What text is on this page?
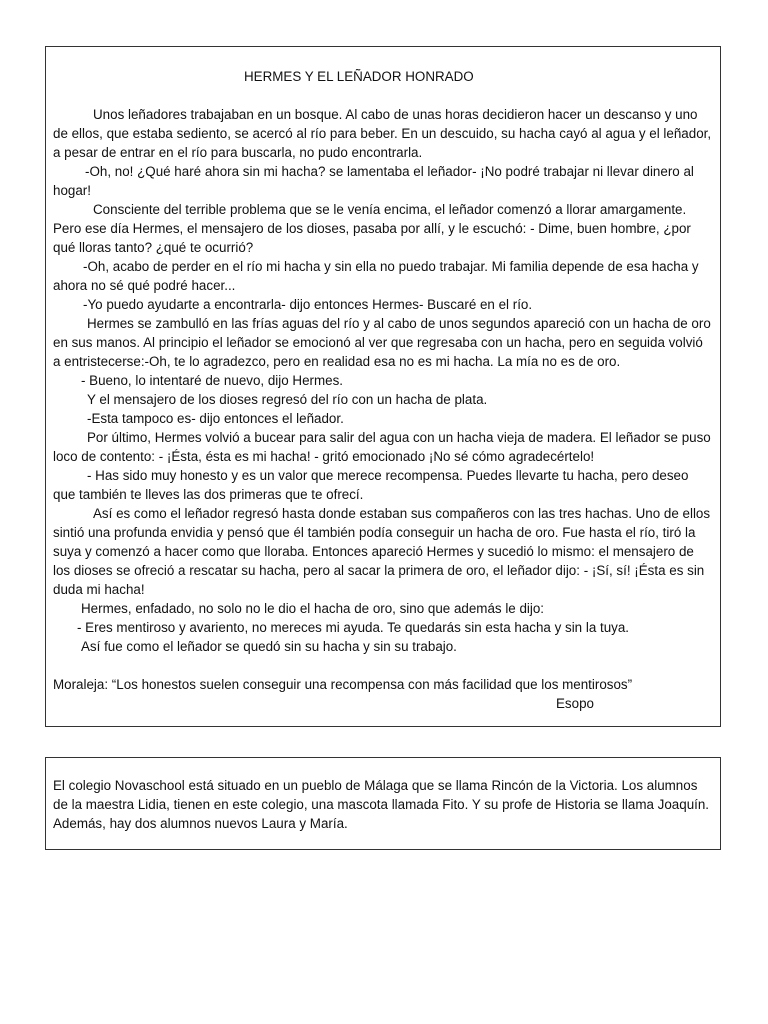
HERMES Y EL LEÑADOR HONRADO

Unos leñadores trabajaban en un bosque. Al cabo de unas horas decidieron hacer un descanso y uno de ellos, que estaba sediento, se acercó al río para beber. En un descuido, su hacha cayó al agua y el leñador, a pesar de entrar en el río para buscarla, no pudo encontrarla.

-Oh, no! ¿Qué haré ahora sin mi hacha? se lamentaba el leñador- ¡No podré trabajar ni llevar dinero al hogar!

Consciente del terrible problema que se le venía encima, el leñador comenzó a llorar amargamente. Pero ese día Hermes, el mensajero de los dioses, pasaba por allí, y le escuchó: - Dime, buen hombre, ¿por qué lloras tanto? ¿qué te ocurrió?

-Oh, acabo de perder en el río mi hacha y sin ella no puedo trabajar. Mi familia depende de esa hacha y ahora no sé qué podré hacer...

-Yo puedo ayudarte a encontrarla- dijo entonces Hermes- Buscaré en el río.

Hermes se zambulló en las frías aguas del río y al cabo de unos segundos apareció con un hacha de oro en sus manos. Al principio el leñador se emocionó al ver que regresaba con un hacha, pero en seguida volvió a entristecerse:-Oh, te lo agradezco, pero en realidad esa no es mi hacha. La mía no es de oro.

- Bueno, lo intentaré de nuevo, dijo Hermes.

Y el mensajero de los dioses regresó del río con un hacha de plata.

-Esta tampoco es- dijo entonces el leñador.

Por último, Hermes volvió a bucear para salir del agua con un hacha vieja de madera. El leñador se puso loco de contento: - ¡Ésta, ésta es mi hacha! - gritó emocionado ¡No sé cómo agradecértelo!

- Has sido muy honesto y es un valor que merece recompensa. Puedes llevarte tu hacha, pero deseo que también te lleves las dos primeras que te ofrecí.

Así es como el leñador regresó hasta donde estaban sus compañeros con las tres hachas. Uno de ellos sintió una profunda envidia y pensó que él también podía conseguir un hacha de oro. Fue hasta el río, tiró la suya y comenzó a hacer como que lloraba. Entonces apareció Hermes y sucedió lo mismo: el mensajero de los dioses se ofreció a rescatar su hacha, pero al sacar la primera de oro, el leñador dijo: - ¡Sí, sí! ¡Ésta es sin duda mi hacha!

Hermes, enfadado, no solo no le dio el hacha de oro, sino que además le dijo:

- Eres mentiroso y avariento, no mereces mi ayuda. Te quedarás sin esta hacha y sin la tuya.

Así fue como el leñador se quedó sin su hacha y sin su trabajo.

Moraleja: “Los honestos suelen conseguir una recompensa con más facilidad que los mentirosos”

Esopo

El colegio Novaschool está situado en un pueblo de Málaga que se llama Rincón de la Victoria. Los alumnos de la maestra Lidia, tienen en este colegio, una mascota llamada Fito. Y su profe de Historia se llama Joaquín. Además, hay dos alumnos nuevos Laura y María.
